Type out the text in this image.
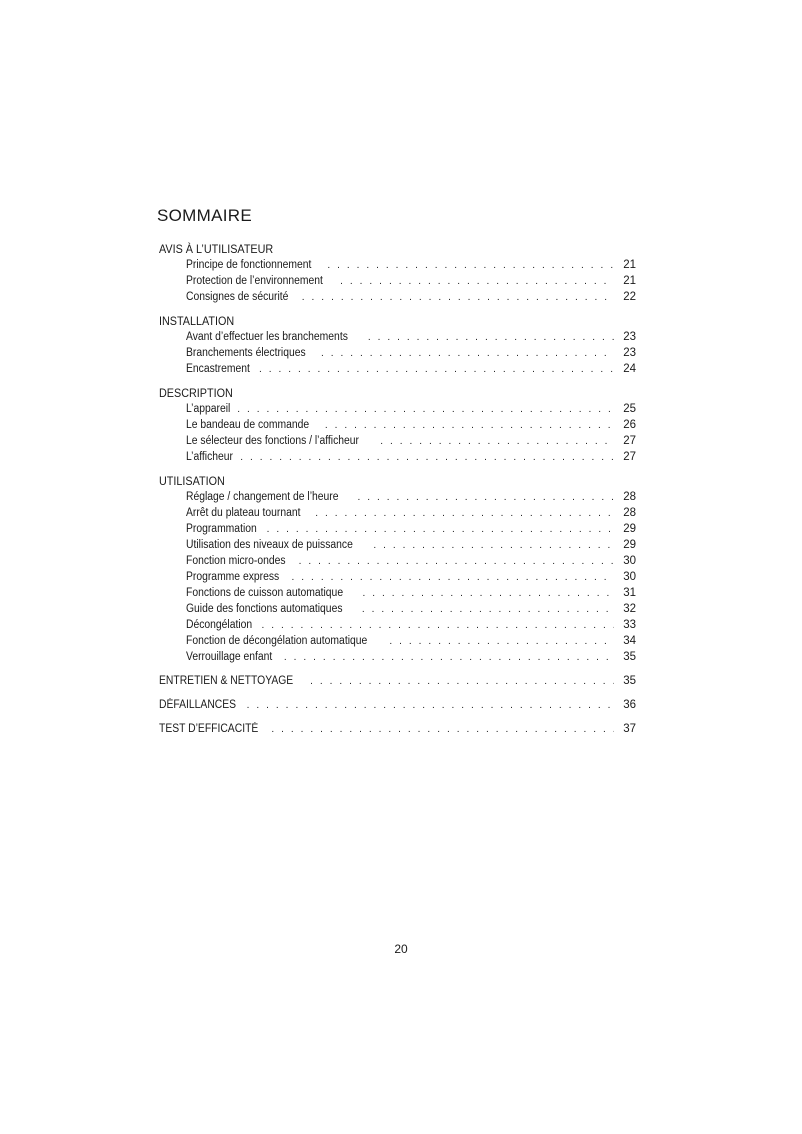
SOMMAIRE
AVIS À L’UTILISATEUR
Principe de fonctionnement . . .	21
Protection de l’environnement . . .	21
Consignes de sécurité . . .	22
INSTALLATION
Avant d’effectuer les branchements . . .	23
Branchements électriques . . .	23
Encastrement . . .	24
DESCRIPTION
L’appareil . . .	25
Le bandeau de commande . . .	26
Le sélecteur des fonctions / l’afficheur . . .	27
L’afficheur . . .	27
UTILISATION
Réglage / changement de l’heure . . .	28
Arrêt du plateau tournant . . .	28
Programmation . . .	29
Utilisation des niveaux de puissance . . .	29
Fonction micro-ondes . . .	30
Programme express . . .	30
Fonctions de cuisson automatique . . .	31
Guide des fonctions automatiques . . .	32
Décongélation . . .	33
Fonction de décongélation automatique . . .	34
Verrouillage enfant . . .	35
ENTRETIEN & NETTOYAGE . . .	35
DÉFAILLANCES . . .	36
TEST D’EFFICACITÉ . . .	37
20
